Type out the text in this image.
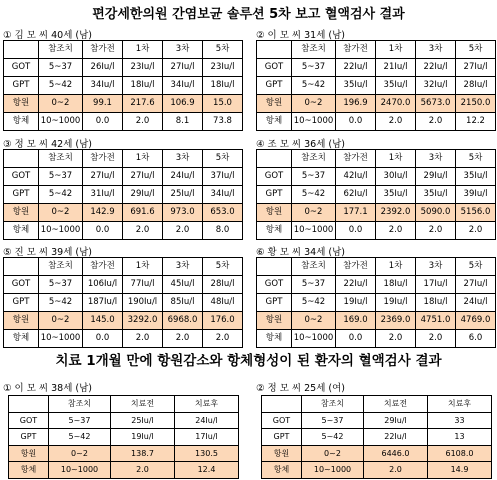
편강세한의원 간염보균 솔루션 5차 보고 혈액검사 결과
① 김 모 씨 40세 (남)
	참조치	참가전	1차	3차	5차
GOT	5~37	26Iu/l	23Iu/l	27Iu/l	23Iu/l
GPT	5~42	34Iu/l	18Iu/l	34Iu/l	18Iu/l
항원	0~2	99.1	217.6	106.9	15.0
항체	10~1000	0.0	2.0	8.1	73.8
② 이 모 씨 31세 (남)
	참조치	참가전	1차	3차	5차
GOT	5~37	22Iu/l	21Iu/l	22Iu/l	27Iu/l
GPT	5~42	35Iu/l	35Iu/l	32Iu/l	28Iu/l
항원	0~2	196.9	2470.0	5673.0	2150.0
항체	10~1000	0.0	2.0	2.0	12.2
③ 정 모 씨 42세 (남)
	참조치	참가전	1차	3차	5차
GOT	5~37	27Iu/l	27Iu/l	24Iu/l	37Iu/l
GPT	5~42	31Iu/l	29Iu/l	25Iu/l	34Iu/l
항원	0~2	142.9	691.6	973.0	653.0
항체	10~1000	0.0	2.0	2.0	8.0
④ 조 모 씨 36세 (남)
	참조치	참가전	1차	3차	5차
GOT	5~37	42Iu/l	30Iu/l	29Iu/l	35Iu/l
GPT	5~42	62Iu/l	35Iu/l	35Iu/l	39Iu/l
항원	0~2	177.1	2392.0	5090.0	5156.0
항체	10~1000	0.0	2.0	2.0	2.0
⑤ 진 모 씨 39세 (남)
	참조치	참가전	1차	3차	5차
GOT	5~37	106Iu/l	77Iu/l	45Iu/l	28Iu/l
GPT	5~42	187Iu/l	190Iu/l	85Iu/l	48Iu/l
항원	0~2	145.0	3292.0	6968.0	176.0
항체	10~1000	0.0	2.0	2.0	2.0
⑥ 황 모 씨 34세 (남)
	참조치	참가전	1차	3차	5차
GOT	5~37	22Iu/l	18Iu/l	17Iu/l	27Iu/l
GPT	5~42	19Iu/l	19Iu/l	18Iu/l	24Iu/l
항원	0~2	169.0	2369.0	4751.0	4769.0
항체	10~1000	0.0	2.0	2.0	6.0
치료 1개월 만에 항원감소와 항체형성이 된 환자의 혈액검사 결과
① 이 모 씨 38세 (남)
	참조치	치료전	치료후
GOT	5~37	25Iu/l	24Iu/l
GPT	5~42	19Iu/l	17Iu/l
항원	0~2	138.7	130.5
항체	10~1000	2.0	12.4
② 정 모 씨 25세 (여)
	참조치	치료전	치료후
GOT	5~37	29Iu/l	33
GPT	5~42	22Iu/l	13
항원	0~2	6446.0	6108.0
항체	10~1000	2.0	14.9
